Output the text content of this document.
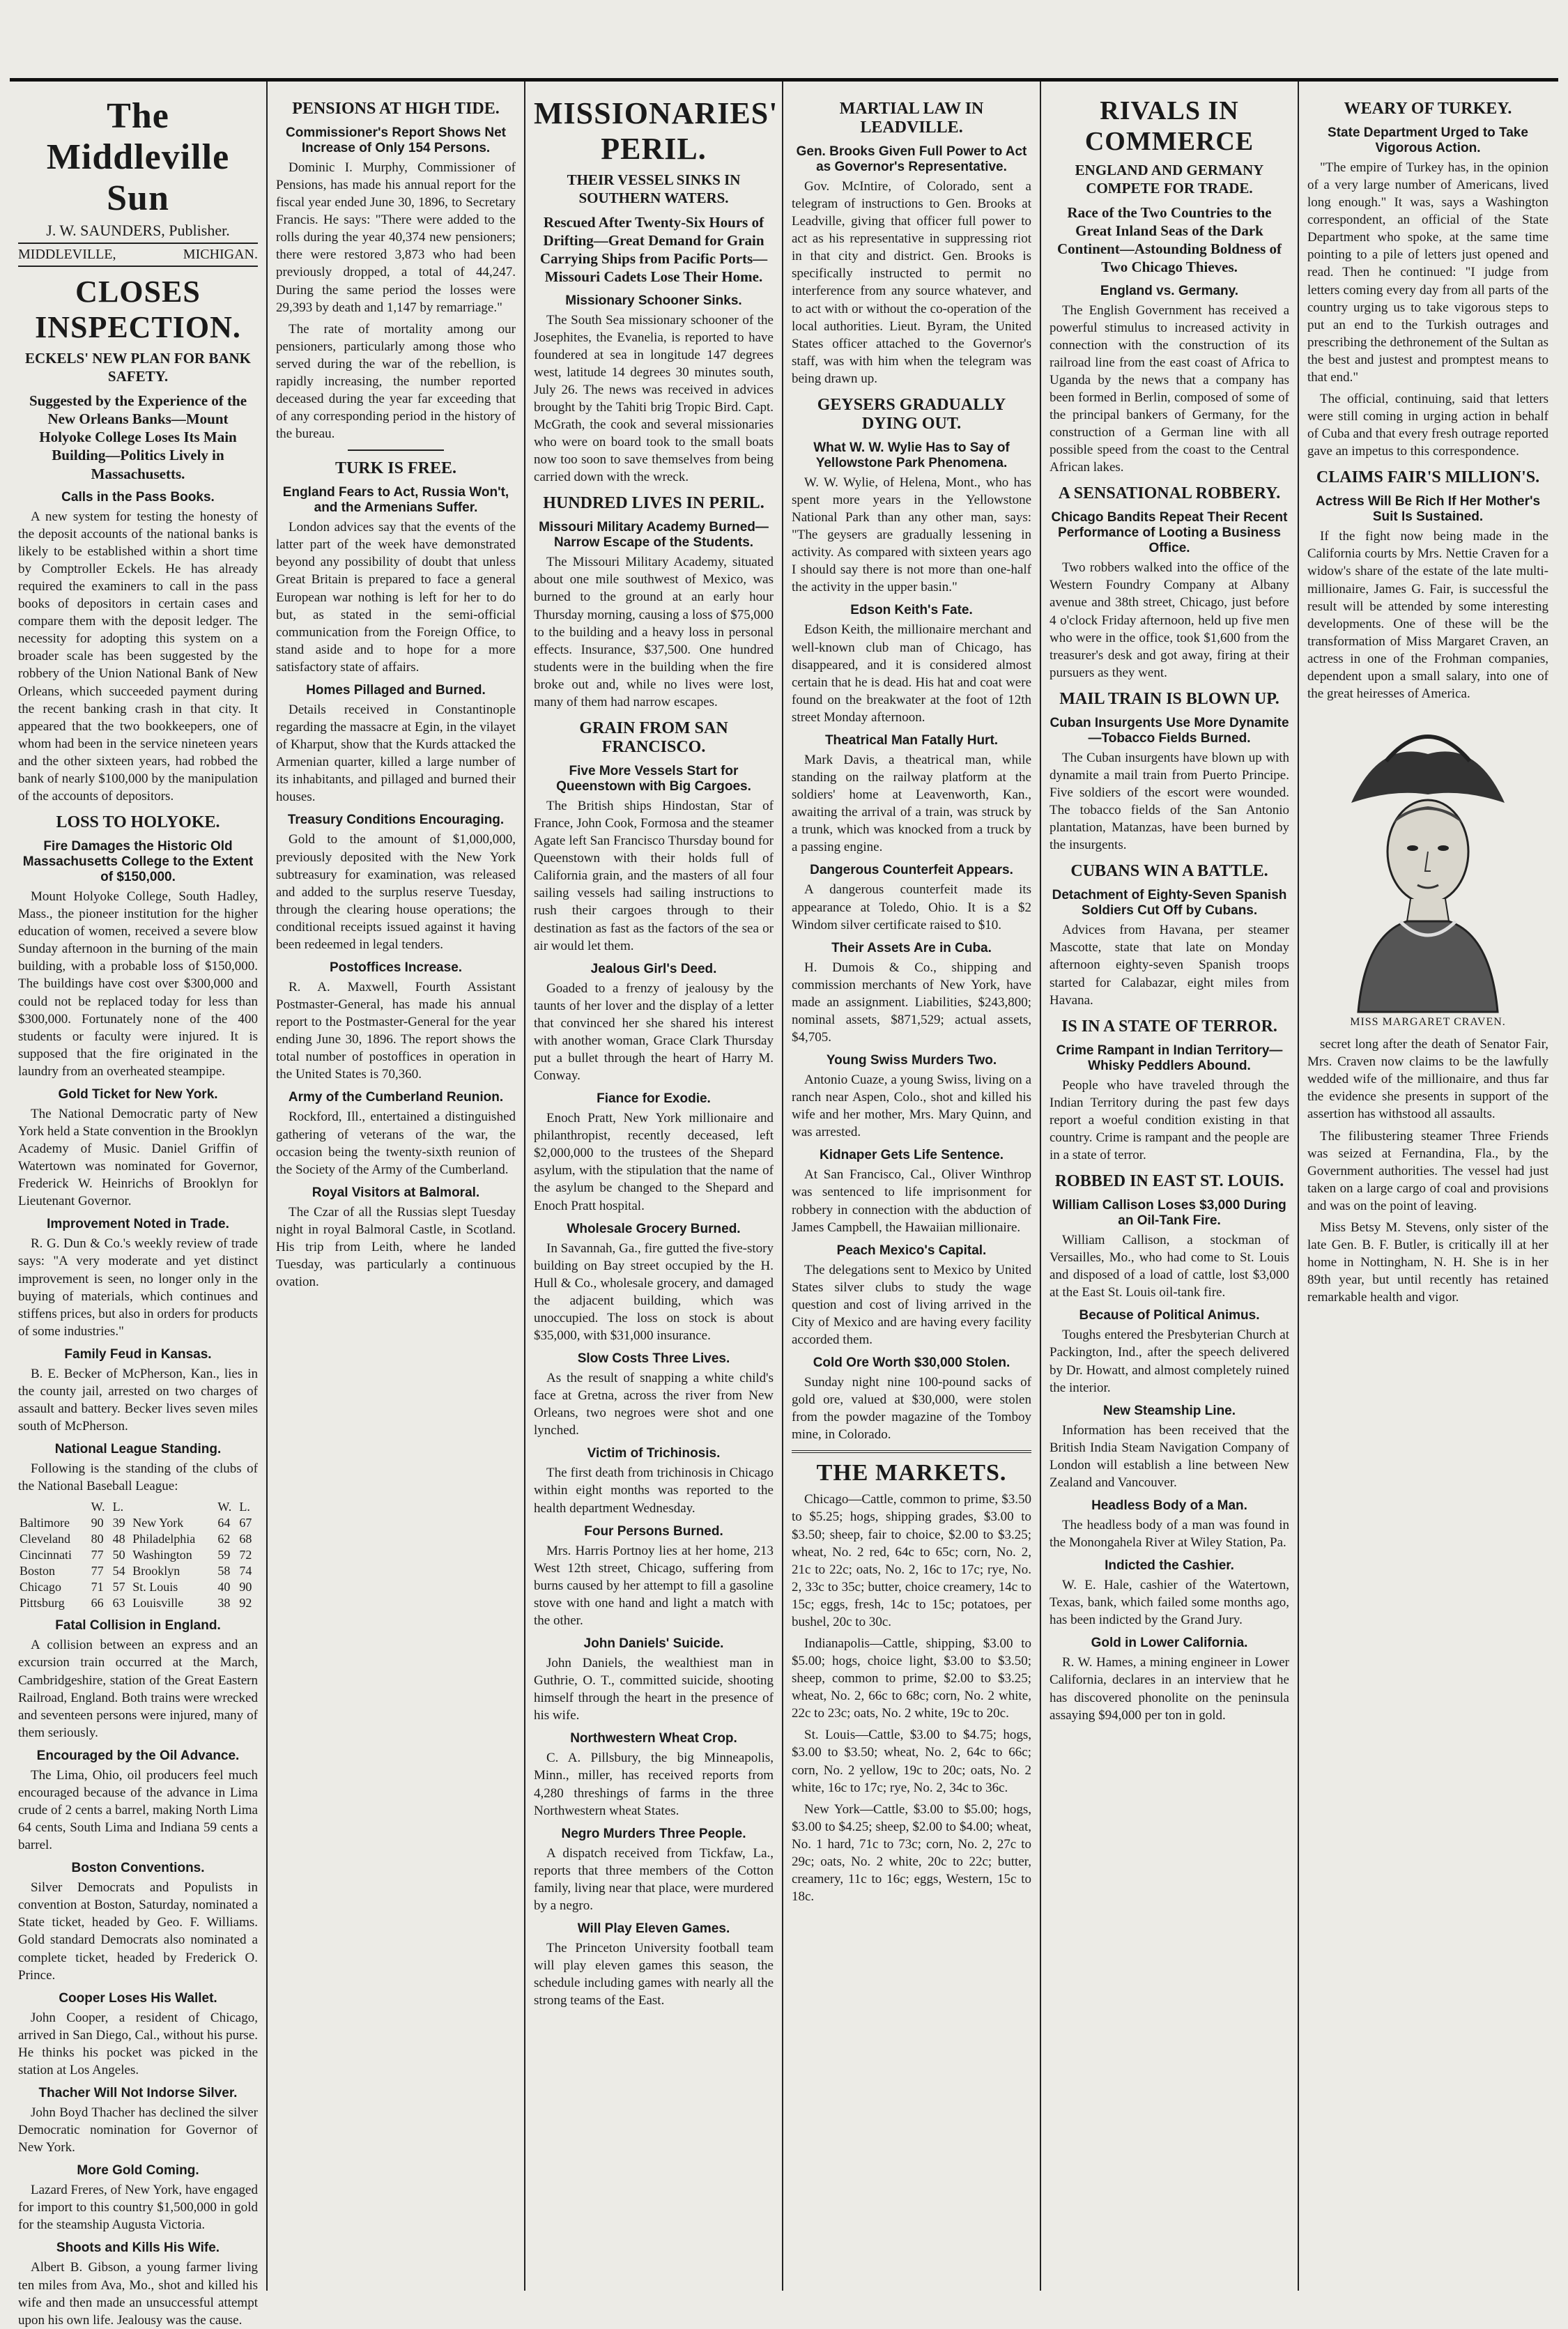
The Middleville Sun
J. W. SAUNDERS, Publisher.
MIDDLEVILLE,	MICHIGAN.
CLOSES INSPECTION.
ECKELS' NEW PLAN FOR BANK SAFETY.
Suggested by the Experience of the New Orleans Banks—Mount Holyoke College Loses Its Main Building—Politics Lively in Massachusetts.
Calls in the Pass Books.

A new system for testing the honesty of the deposit accounts of the national banks is likely to be established within a short time by Comptroller Eckels. He has already required the examiners to call in the pass books of depositors in certain cases and compare them with the deposit ledger. The necessity for adopting this system on a broader scale has been suggested by the robbery of the Union National Bank of New Orleans, which succeeded payment during the recent banking crash in that city. It appeared that the two bookkeepers, one of whom had been in the service nineteen years and the other sixteen years, had robbed the bank of nearly $100,000 by the manipulation of the accounts of depositors.

LOSS TO HOLYOKE.
Fire Damages the Historic Old Massachusetts College to the Extent of $150,000.

Mount Holyoke College, South Hadley, Mass., the pioneer institution for the higher education of women, received a severe blow Sunday afternoon in the burning of the main building, with a probable loss of $150,000. The buildings have cost over $300,000 and could not be replaced today for less than $300,000. Fortunately none of the 400 students or faculty were injured. It is supposed that the fire originated in the laundry from an overheated steampipe.

Gold Ticket for New York.

The National Democratic party of New York held a State convention in the Brooklyn Academy of Music. Daniel Griffin of Watertown was nominated for Governor, Frederick W. Heinrichs of Brooklyn for Lieutenant Governor.

Improvement Noted in Trade.

R. G. Dun & Co.'s weekly review of trade says: "A very moderate and yet distinct improvement is seen, no longer only in the buying of materials, which continues and stiffens prices, but also in orders for products of some industries."

Family Feud in Kansas.

B. E. Becker of McPherson, Kan., lies in the county jail, arrested on two charges of assault and battery. Becker lives seven miles south of McPherson.

National League Standing.

Following is the standing of the clubs of the National Baseball League:

	W.	L.		W.	L.
Baltimore	90	39	New York	64	67
Cleveland	80	48	Philadelphia	62	68
Cincinnati	77	50	Washington	59	72
Boston	77	54	Brooklyn	58	74
Chicago	71	57	St. Louis	40	90
Pittsburg	66	63	Louisville	38	92
Fatal Collision in England.

A collision between an express and an excursion train occurred at the March, Cambridgeshire, station of the Great Eastern Railroad, England. Both trains were wrecked and seventeen persons were injured, many of them seriously.

Encouraged by the Oil Advance.

The Lima, Ohio, oil producers feel much encouraged because of the advance in Lima crude of 2 cents a barrel, making North Lima 64 cents, South Lima and Indiana 59 cents a barrel.

Boston Conventions.

Silver Democrats and Populists in convention at Boston, Saturday, nominated a State ticket, headed by Geo. F. Williams. Gold standard Democrats also nominated a complete ticket, headed by Frederick O. Prince.

Cooper Loses His Wallet.

John Cooper, a resident of Chicago, arrived in San Diego, Cal., without his purse. He thinks his pocket was picked in the station at Los Angeles.

Thacher Will Not Indorse Silver.

John Boyd Thacher has declined the silver Democratic nomination for Governor of New York.

More Gold Coming.

Lazard Freres, of New York, have engaged for import to this country $1,500,000 in gold for the steamship Augusta Victoria.

Shoots and Kills His Wife.

Albert B. Gibson, a young farmer living ten miles from Ava, Mo., shot and killed his wife and then made an unsuccessful attempt upon his own life. Jealousy was the cause.

PENSIONS AT HIGH TIDE.
Commissioner's Report Shows Net Increase of Only 154 Persons.

Dominic I. Murphy, Commissioner of Pensions, has made his annual report for the fiscal year ended June 30, 1896, to Secretary Francis. He says: "There were added to the rolls during the year 40,374 new pensioners; there were restored 3,873 who had been previously dropped, a total of 44,247. During the same period the losses were 29,393 by death and 1,147 by remarriage."

The rate of mortality among our pensioners, particularly among those who served during the war of the rebellion, is rapidly increasing, the number reported deceased during the year far exceeding that of any corresponding period in the history of the bureau.

TURK IS FREE.
England Fears to Act, Russia Won't, and the Armenians Suffer.

London advices say that the events of the latter part of the week have demonstrated beyond any possibility of doubt that unless Great Britain is prepared to face a general European war nothing is left for her to do but, as stated in the semi-official communication from the Foreign Office, to stand aside and to hope for a more satisfactory state of affairs.

Homes Pillaged and Burned.

Details received in Constantinople regarding the massacre at Egin, in the vilayet of Kharput, show that the Kurds attacked the Armenian quarter, killed a large number of its inhabitants, and pillaged and burned their houses.

Treasury Conditions Encouraging.

Gold to the amount of $1,000,000, previously deposited with the New York subtreasury for examination, was released and added to the surplus reserve Tuesday, through the clearing house operations; the conditional receipts issued against it having been redeemed in legal tenders.

Postoffices Increase.

R. A. Maxwell, Fourth Assistant Postmaster-General, has made his annual report to the Postmaster-General for the year ending June 30, 1896. The report shows the total number of postoffices in operation in the United States is 70,360.

Army of the Cumberland Reunion.

Rockford, Ill., entertained a distinguished gathering of veterans of the war, the occasion being the twenty-sixth reunion of the Society of the Army of the Cumberland.

Royal Visitors at Balmoral.

The Czar of all the Russias slept Tuesday night in royal Balmoral Castle, in Scotland. His trip from Leith, where he landed Tuesday, was particularly a continuous ovation.

MISSIONARIES' PERIL.
THEIR VESSEL SINKS IN SOUTHERN WATERS.
Rescued After Twenty-Six Hours of Drifting—Great Demand for Grain Carrying Ships from Pacific Ports—Missouri Cadets Lose Their Home.
Missionary Schooner Sinks.

The South Sea missionary schooner of the Josephites, the Evanelia, is reported to have foundered at sea in longitude 147 degrees west, latitude 14 degrees 30 minutes south, July 26. The news was received in advices brought by the Tahiti brig Tropic Bird. Capt. McGrath, the cook and several missionaries who were on board took to the small boats now too soon to save themselves from being carried down with the wreck.

HUNDRED LIVES IN PERIL.
Missouri Military Academy Burned—Narrow Escape of the Students.

The Missouri Military Academy, situated about one mile southwest of Mexico, was burned to the ground at an early hour Thursday morning, causing a loss of $75,000 to the building and a heavy loss in personal effects. Insurance, $37,500. One hundred students were in the building when the fire broke out and, while no lives were lost, many of them had narrow escapes.

GRAIN FROM SAN FRANCISCO.
Five More Vessels Start for Queenstown with Big Cargoes.

The British ships Hindostan, Star of France, John Cook, Formosa and the steamer Agate left San Francisco Thursday bound for Queenstown with their holds full of California grain, and the masters of all four sailing vessels had sailing instructions to rush their cargoes through to their destination as fast as the factors of the sea or air would let them.

Jealous Girl's Deed.

Goaded to a frenzy of jealousy by the taunts of her lover and the display of a letter that convinced her she shared his interest with another woman, Grace Clark Thursday put a bullet through the heart of Harry M. Conway.

Fiance for Exodie.

Enoch Pratt, New York millionaire and philanthropist, recently deceased, left $2,000,000 to the trustees of the Shepard asylum, with the stipulation that the name of the asylum be changed to the Shepard and Enoch Pratt hospital.

Wholesale Grocery Burned.

In Savannah, Ga., fire gutted the five-story building on Bay street occupied by the H. Hull & Co., wholesale grocery, and damaged the adjacent building, which was unoccupied. The loss on stock is about $35,000, with $31,000 insurance.

Slow Costs Three Lives.

As the result of snapping a white child's face at Gretna, across the river from New Orleans, two negroes were shot and one lynched.

Victim of Trichinosis.

The first death from trichinosis in Chicago within eight months was reported to the health department Wednesday.

Four Persons Burned.

Mrs. Harris Portnoy lies at her home, 213 West 12th street, Chicago, suffering from burns caused by her attempt to fill a gasoline stove with one hand and light a match with the other.

John Daniels' Suicide.

John Daniels, the wealthiest man in Guthrie, O. T., committed suicide, shooting himself through the heart in the presence of his wife.

Northwestern Wheat Crop.

C. A. Pillsbury, the big Minneapolis, Minn., miller, has received reports from 4,280 threshings of farms in the three Northwestern wheat States.

Negro Murders Three People.

A dispatch received from Tickfaw, La., reports that three members of the Cotton family, living near that place, were murdered by a negro.

Will Play Eleven Games.

The Princeton University football team will play eleven games this season, the schedule including games with nearly all the strong teams of the East.

MARTIAL LAW IN LEADVILLE.
Gen. Brooks Given Full Power to Act as Governor's Representative.

Gov. McIntire, of Colorado, sent a telegram of instructions to Gen. Brooks at Leadville, giving that officer full power to act as his representative in suppressing riot in that city and district. Gen. Brooks is specifically instructed to permit no interference from any source whatever, and to act with or without the co-operation of the local authorities. Lieut. Byram, the United States officer attached to the Governor's staff, was with him when the telegram was being drawn up.

GEYSERS GRADUALLY DYING OUT.
What W. W. Wylie Has to Say of Yellowstone Park Phenomena.

W. W. Wylie, of Helena, Mont., who has spent more years in the Yellowstone National Park than any other man, says: "The geysers are gradually lessening in activity. As compared with sixteen years ago I should say there is not more than one-half the activity in the upper basin."

Edson Keith's Fate.

Edson Keith, the millionaire merchant and well-known club man of Chicago, has disappeared, and it is considered almost certain that he is dead. His hat and coat were found on the breakwater at the foot of 12th street Monday afternoon.

Theatrical Man Fatally Hurt.

Mark Davis, a theatrical man, while standing on the railway platform at the soldiers' home at Leavenworth, Kan., awaiting the arrival of a train, was struck by a trunk, which was knocked from a truck by a passing engine.

Dangerous Counterfeit Appears.

A dangerous counterfeit made its appearance at Toledo, Ohio. It is a $2 Windom silver certificate raised to $10.

Their Assets Are in Cuba.

H. Dumois & Co., shipping and commission merchants of New York, have made an assignment. Liabilities, $243,800; nominal assets, $871,529; actual assets, $4,705.

Young Swiss Murders Two.

Antonio Cuaze, a young Swiss, living on a ranch near Aspen, Colo., shot and killed his wife and her mother, Mrs. Mary Quinn, and was arrested.

Kidnaper Gets Life Sentence.

At San Francisco, Cal., Oliver Winthrop was sentenced to life imprisonment for robbery in connection with the abduction of James Campbell, the Hawaiian millionaire.

Peach Mexico's Capital.

The delegations sent to Mexico by United States silver clubs to study the wage question and cost of living arrived in the City of Mexico and are having every facility accorded them.

Cold Ore Worth $30,000 Stolen.

Sunday night nine 100-pound sacks of gold ore, valued at $30,000, were stolen from the powder magazine of the Tomboy mine, in Colorado.

THE MARKETS.

Chicago—Cattle, common to prime, $3.50 to $5.25; hogs, shipping grades, $3.00 to $3.50; sheep, fair to choice, $2.00 to $3.25; wheat, No. 2 red, 64c to 65c; corn, No. 2, 21c to 22c; oats, No. 2, 16c to 17c; rye, No. 2, 33c to 35c; butter, choice creamery, 14c to 15c; eggs, fresh, 14c to 15c; potatoes, per bushel, 20c to 30c.

Indianapolis—Cattle, shipping, $3.00 to $5.00; hogs, choice light, $3.00 to $3.50; sheep, common to prime, $2.00 to $3.25; wheat, No. 2, 66c to 68c; corn, No. 2 white, 22c to 23c; oats, No. 2 white, 19c to 20c.

St. Louis—Cattle, $3.00 to $4.75; hogs, $3.00 to $3.50; wheat, No. 2, 64c to 66c; corn, No. 2 yellow, 19c to 20c; oats, No. 2 white, 16c to 17c; rye, No. 2, 34c to 36c.

New York—Cattle, $3.00 to $5.00; hogs, $3.00 to $4.25; sheep, $2.00 to $4.00; wheat, No. 1 hard, 71c to 73c; corn, No. 2, 27c to 29c; oats, No. 2 white, 20c to 22c; butter, creamery, 11c to 16c; eggs, Western, 15c to 18c.

RIVALS IN COMMERCE
ENGLAND AND GERMANY COMPETE FOR TRADE.
Race of the Two Countries to the Great Inland Seas of the Dark Continent—Astounding Boldness of Two Chicago Thieves.
England vs. Germany.

The English Government has received a powerful stimulus to increased activity in connection with the construction of its railroad line from the east coast of Africa to Uganda by the news that a company has been formed in Berlin, composed of some of the principal bankers of Germany, for the construction of a German line with all possible speed from the coast to the Central African lakes.

A SENSATIONAL ROBBERY.
Chicago Bandits Repeat Their Recent Performance of Looting a Business Office.

Two robbers walked into the office of the Western Foundry Company at Albany avenue and 38th street, Chicago, just before 4 o'clock Friday afternoon, held up five men who were in the office, took $1,600 from the treasurer's desk and got away, firing at their pursuers as they went.

MAIL TRAIN IS BLOWN UP.
Cuban Insurgents Use More Dynamite—Tobacco Fields Burned.

The Cuban insurgents have blown up with dynamite a mail train from Puerto Principe. Five soldiers of the escort were wounded. The tobacco fields of the San Antonio plantation, Matanzas, have been burned by the insurgents.

CUBANS WIN A BATTLE.
Detachment of Eighty-Seven Spanish Soldiers Cut Off by Cubans.

Advices from Havana, per steamer Mascotte, state that late on Monday afternoon eighty-seven Spanish troops started for Calabazar, eight miles from Havana.

IS IN A STATE OF TERROR.
Crime Rampant in Indian Territory—Whisky Peddlers Abound.

People who have traveled through the Indian Territory during the past few days report a woeful condition existing in that country. Crime is rampant and the people are in a state of terror.

ROBBED IN EAST ST. LOUIS.
William Callison Loses $3,000 During an Oil-Tank Fire.

William Callison, a stockman of Versailles, Mo., who had come to St. Louis and disposed of a load of cattle, lost $3,000 at the East St. Louis oil-tank fire.

Because of Political Animus.

Toughs entered the Presbyterian Church at Packington, Ind., after the speech delivered by Dr. Howatt, and almost completely ruined the interior.

New Steamship Line.

Information has been received that the British India Steam Navigation Company of London will establish a line between New Zealand and Vancouver.

Headless Body of a Man.

The headless body of a man was found in the Monongahela River at Wiley Station, Pa.

Indicted the Cashier.

W. E. Hale, cashier of the Watertown, Texas, bank, which failed some months ago, has been indicted by the Grand Jury.

Gold in Lower California.

R. W. Hames, a mining engineer in Lower California, declares in an interview that he has discovered phonolite on the peninsula assaying $94,000 per ton in gold.

WEARY OF TURKEY.
State Department Urged to Take Vigorous Action.

"The empire of Turkey has, in the opinion of a very large number of Americans, lived long enough." It was, says a Washington correspondent, an official of the State Department who spoke, at the same time pointing to a pile of letters just opened and read. Then he continued: "I judge from letters coming every day from all parts of the country urging us to take vigorous steps to put an end to the Turkish outrages and prescribing the dethronement of the Sultan as the best and justest and promptest means to that end."

The official, continuing, said that letters were still coming in urging action in behalf of Cuba and that every fresh outrage reported gave an impetus to this correspondence.

CLAIMS FAIR'S MILLION'S.
Actress Will Be Rich If Her Mother's Suit Is Sustained.

If the fight now being made in the California courts by Mrs. Nettie Craven for a widow's share of the estate of the late multi-millionaire, James G. Fair, is successful the result will be attended by some interesting developments. One of these will be the transformation of Miss Margaret Craven, an actress in one of the Frohman companies, dependent upon a small salary, into one of the great heiresses of America.

MISS MARGARET CRAVEN.

secret long after the death of Senator Fair, Mrs. Craven now claims to be the lawfully wedded wife of the millionaire, and thus far the evidence she presents in support of the assertion has withstood all assaults.

The filibustering steamer Three Friends was seized at Fernandina, Fla., by the Government authorities. The vessel had just taken on a large cargo of coal and provisions and was on the point of leaving.

Miss Betsy M. Stevens, only sister of the late Gen. B. F. Butler, is critically ill at her home in Nottingham, N. H. She is in her 89th year, but until recently has retained remarkable health and vigor.
